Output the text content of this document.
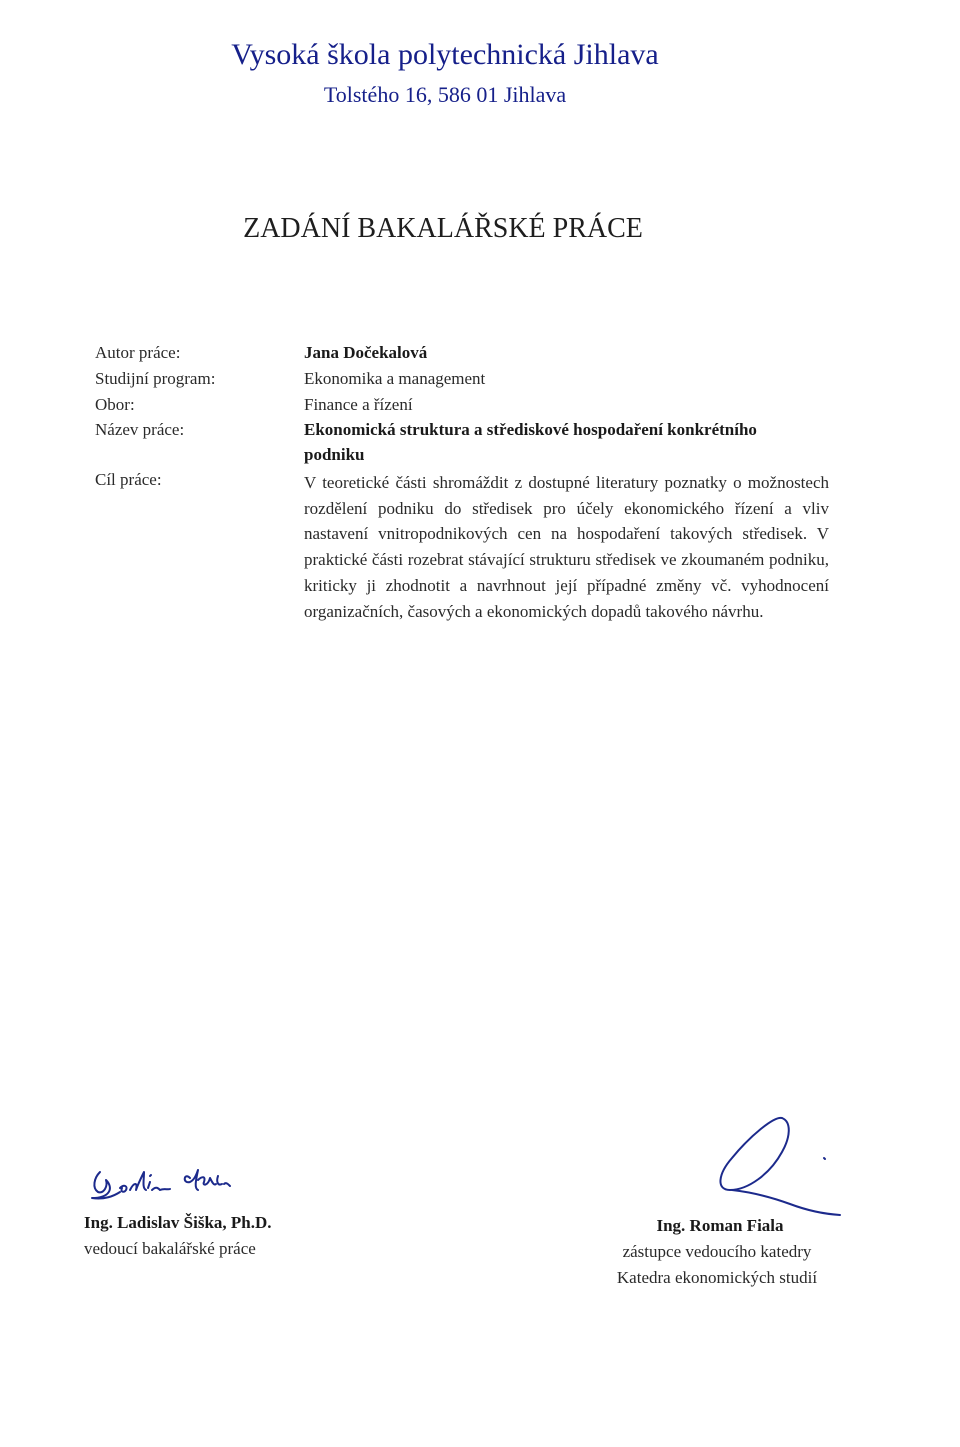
Vysoká škola polytechnická Jihlava
Tolstého 16, 586 01 Jihlava
ZADÁNÍ BAKALÁŘSKÉ PRÁCE
Autor práce:	Jana Dočekalová
Studijní program:	Ekonomika a management
Obor:	Finance a řízení
Název práce:	Ekonomická struktura a střediskové hospodaření konkrétního
podniku
Cíl práce:	V teoretické části shromáždit z dostupné literatury poznatky o možnostech rozdělení podniku do středisek pro účely ekonomického řízení a vliv nastavení vnitropodnikových cen na hospodaření takových středisek. V praktické části rozebrat stávající strukturu středisek ve zkoumaném podniku, kriticky ji zhodnotit a navrhnout její případné změny vč. vyhodnocení organizačních, časových a ekonomických dopadů takového návrhu.
Ing. Ladislav Šiška, Ph.D.
vedoucí bakalářské práce
Ing. Roman Fiala
zástupce vedoucího katedry
Katedra ekonomických studií
